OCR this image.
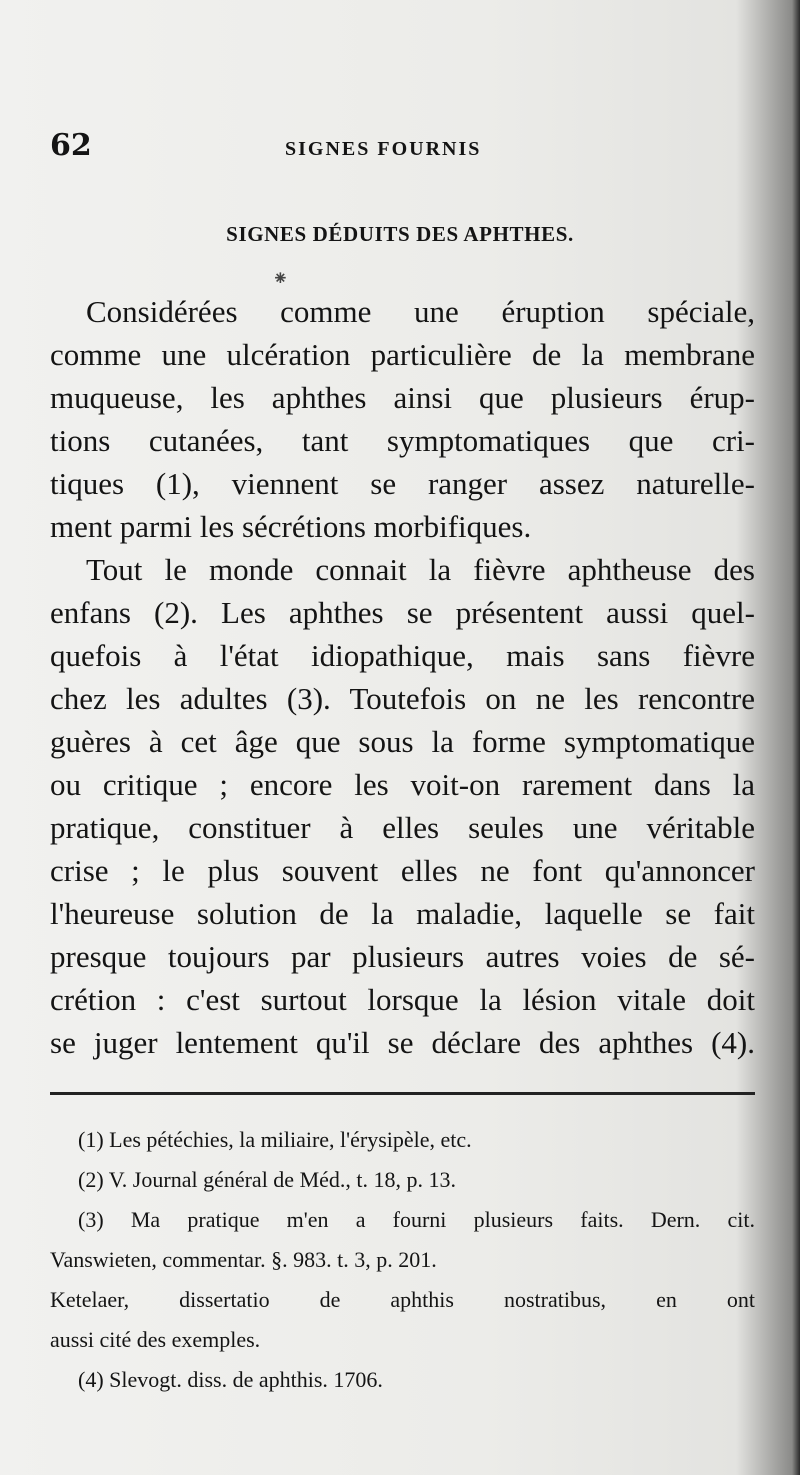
62	SIGNES FOURNIS
SIGNES DÉDUITS DES APHTHES.
⁕
Considérées comme une éruption spéciale,
comme une ulcération particulière de la membrane
muqueuse, les aphthes ainsi que plusieurs érup-
tions cutanées, tant symptomatiques que cri-
tiques (1), viennent se ranger assez naturelle-
ment parmi les sécrétions morbifiques.
Tout le monde connait la fièvre aphtheuse des
enfans (2). Les aphthes se présentent aussi quel-
quefois à l'état idiopathique, mais sans fièvre
chez les adultes (3). Toutefois on ne les rencontre
guères à cet âge que sous la forme symptomatique
ou critique ; encore les voit-on rarement dans la
pratique, constituer à elles seules une véritable
crise ; le plus souvent elles ne font qu'annoncer
l'heureuse solution de la maladie, laquelle se fait
presque toujours par plusieurs autres voies de sé-
crétion : c'est surtout lorsque la lésion vitale doit
se juger lentement qu'il se déclare des aphthes (4).
(1) Les pétéchies, la miliaire, l'érysipèle, etc.
(2) V. Journal général de Méd., t. 18, p. 13.
(3) Ma pratique m'en a fourni plusieurs faits. Dern. cit.
Vanswieten, commentar. §. 983. t. 3, p. 201.
Ketelaer, dissertatio de aphthis nostratibus, en ont
aussi cité des exemples.
(4) Slevogt. diss. de aphthis. 1706.
